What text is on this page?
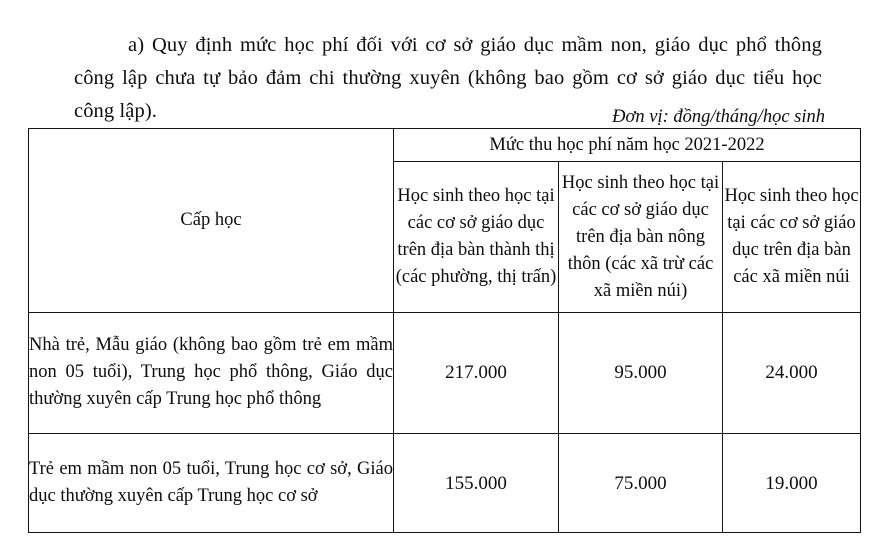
a) Quy định mức học phí đối với cơ sở giáo dục mầm non, giáo dục phổ thông công lập chưa tự bảo đảm chi thường xuyên (không bao gồm cơ sở giáo dục tiểu học công lập).	Đơn vị: đồng/tháng/học sinh
Cấp học	Mức thu học phí năm học 2021-2022		
	Học sinh theo học tại các cơ sở giáo dục trên địa bàn thành thị (các phường, thị trấn)	Học sinh theo học tại các cơ sở giáo dục trên địa bàn nông thôn (các xã trừ các xã miền núi)	Học sinh theo học tại các cơ sở giáo dục trên địa bàn các xã miền núi
Nhà trẻ, Mẫu giáo (không bao gồm trẻ em mầm non 05 tuổi), Trung học phổ thông, Giáo dục thường xuyên cấp Trung học phổ thông	217.000	95.000	24.000
Trẻ em mầm non 05 tuổi, Trung học cơ sở, Giáo dục thường xuyên cấp Trung học cơ sở	155.000	75.000	19.000
